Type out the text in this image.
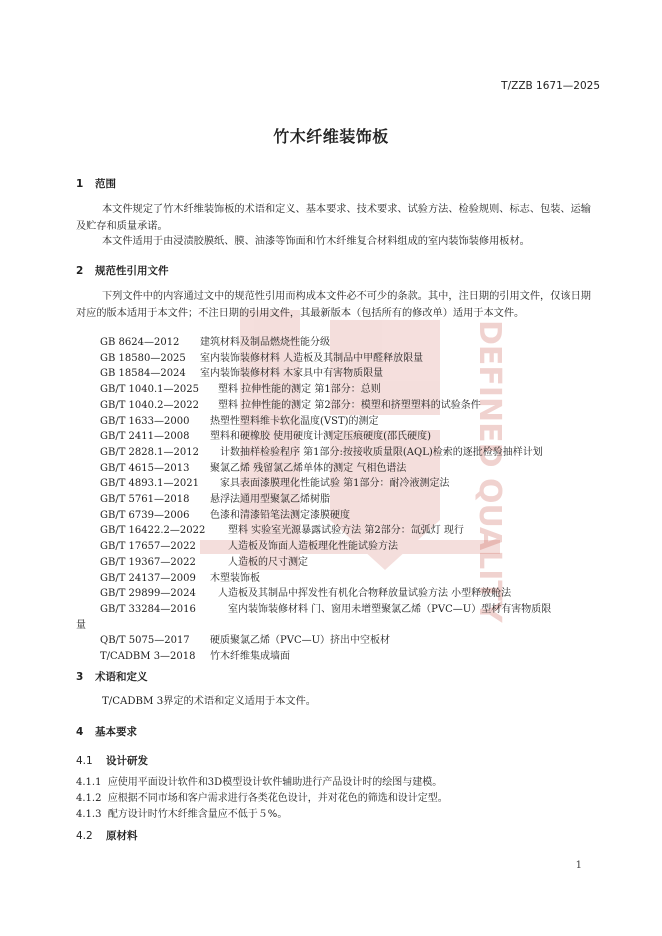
DEFINED QUALITY
T/ZZB 1671—2025
竹木纤维装饰板
1 范围
本文件规定了竹木纤维装饰板的术语和定义、基本要求、技术要求、试验方法、检验规则、标志、包装、运输及贮存和质量承诺。
本文件适用于由浸渍胶膜纸、膜、油漆等饰面和竹木纤维复合材料组成的室内装饰装修用板材。
2 规范性引用文件
下列文件中的内容通过文中的规范性引用而构成本文件必不可少的条款。其中，注日期的引用文件，仅该日期对应的版本适用于本文件；不注日期的引用文件，其最新版本（包括所有的修改单）适用于本文件。
GB 8624—2012 建筑材料及制品燃烧性能分级
GB 18580—2025 室内装饰装修材料 人造板及其制品中甲醛释放限量
GB 18584—2024 室内装饰装修材料 木家具中有害物质限量
GB/T 1040.1—2025 塑料 拉伸性能的测定 第1部分：总则
GB/T 1040.2—2022 塑料 拉伸性能的测定 第2部分：模塑和挤塑塑料的试验条件
GB/T 1633—2000 热塑性塑料维卡软化温度(VST)的测定
GB/T 2411—2008 塑料和硬橡胶 使用硬度计测定压痕硬度(邵氏硬度)
GB/T 2828.1—2012 计数抽样检验程序 第1部分:按接收质量限(AQL)检索的逐批检验抽样计划
GB/T 4615—2013 聚氯乙烯 残留氯乙烯单体的测定 气相色谱法
GB/T 4893.1—2021 家具表面漆膜理化性能试验 第1部分：耐冷液测定法
GB/T 5761—2018 悬浮法通用型聚氯乙烯树脂
GB/T 6739—2006 色漆和清漆铅笔法测定漆膜硬度
GB/T 16422.2—2022 塑料 实验室光源暴露试验方法 第2部分：氙弧灯 现行
GB/T 17657—2022	人造板及饰面人造板理化性能试验方法
GB/T 19367—2022	人造板的尺寸测定
GB/T 24137—2009 木塑装饰板
GB/T 29899—2024 人造板及其制品中挥发性有机化合物释放量试验方法 小型释放舱法
GB/T 33284—2016	室内装饰装修材料 门、窗用未增塑聚氯乙烯（PVC—U）型材有害物质限
量
QB/T 5075—2017 硬质聚氯乙烯（PVC—U）挤出中空板材
T/CADBM 3—2018 竹木纤维集成墙面
3 术语和定义
T/CADBM 3界定的术语和定义适用于本文件。
4 基本要求
4.1 设计研发
4.1.1 应使用平面设计软件和3D模型设计软件辅助进行产品设计时的绘图与建模。
4.1.2 应根据不同市场和客户需求进行各类花色设计，并对花色的筛选和设计定型。
4.1.3 配方设计时竹木纤维含量应不低于５%。
4.2 原材料
1
